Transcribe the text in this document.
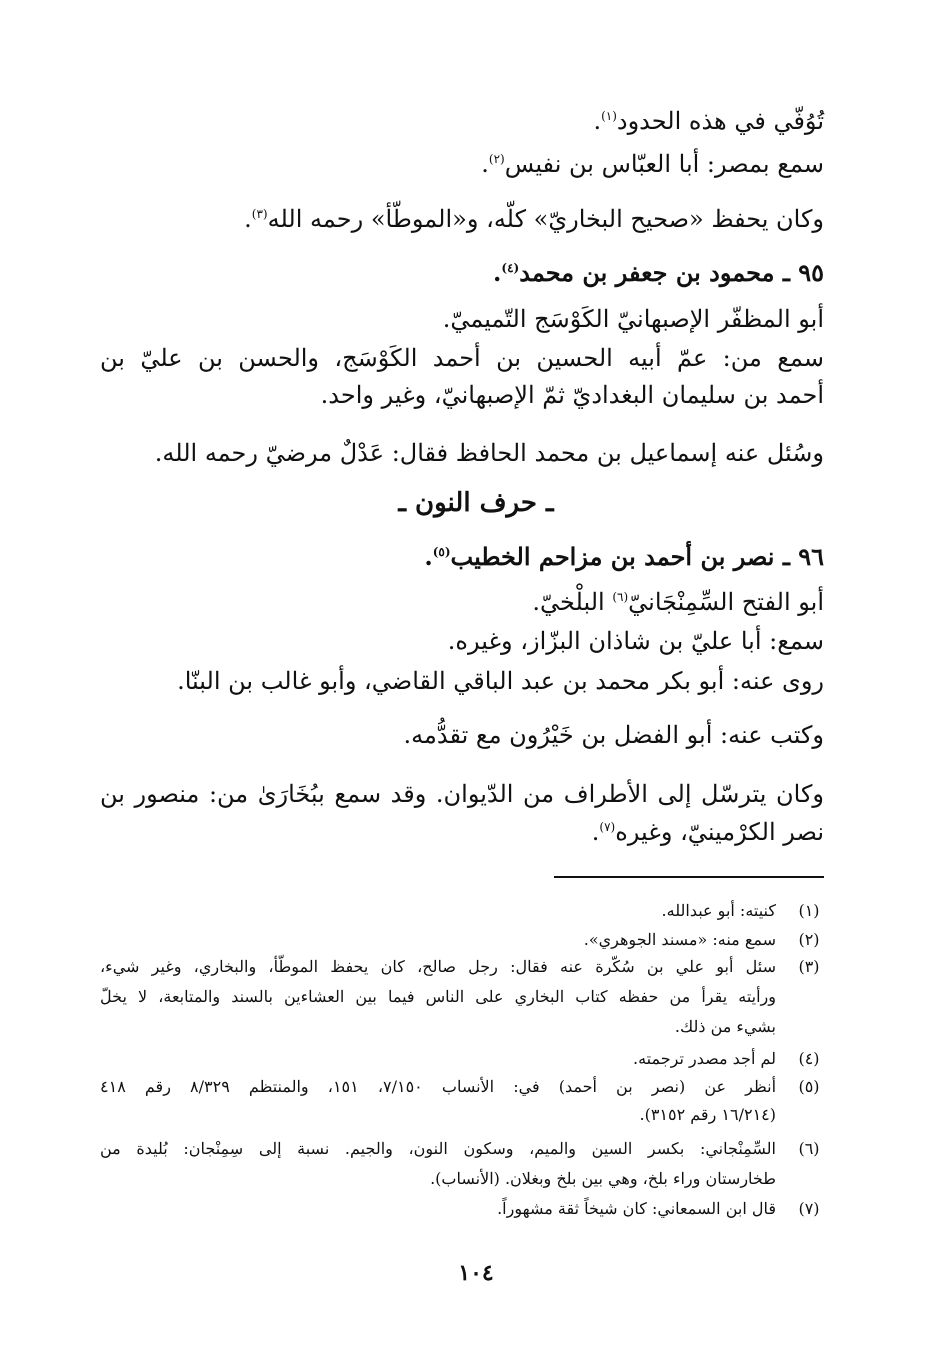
تُوُفّي في هذه الحدود$^{(١)}$.
سمع بمصر: أبا العبّاس بن نفيس$^{(٢)}$.
وكان يحفظ «صحيح البخاريّ» كلّه، و«الموطّأ» رحمه الله$^{(٣)}$.
٩٥ ـ محمود بن جعفر بن محمد$^{(٤)}$.
أبو المظفّر الإصبهانيّ الكَوْسَج التّميميّ.
سمع من: عمّ أبيه الحسين بن أحمد الكَوْسَج، والحسن بن عليّ بن
أحمد بن سليمان البغداديّ ثمّ الإصبهانيّ، وغير واحد.
وسُئل عنه إسماعيل بن محمد الحافظ فقال: عَدْلٌ مرضيّ رحمه الله.
ـ حرف النون ـ
٩٦ ـ نصر بن أحمد بن مزاحم الخطيب$^{(٥)}$.
أبو الفتح السِّمِنْجَانيّ$^{(٦)}$ البلْخيّ.
سمع: أبا عليّ بن شاذان البزّاز، وغيره.
روى عنه: أبو بكر محمد بن عبد الباقي القاضي، وأبو غالب بن البنّا.
وكتب عنه: أبو الفضل بن خَيْرُون مع تقدُّمه.
وكان يترسّل إلى الأطراف من الدّيوان. وقد سمع ببُخَارَىٰ من: منصور بن
نصر الكرْمينيّ، وغيره$^{(٧)}$.
(١)
كنيته: أبو عبدالله.
(٢)
سمع منه: «مسند الجوهري».
(٣)
سئل أبو علي بن سُكّرة عنه فقال: رجل صالح، كان يحفظ الموطّأ، والبخاري، وغير شيء،
ورأيته يقرأ من حفظه كتاب البخاري على الناس فيما بين العشاءين بالسند والمتابعة، لا يخلّ
بشيء من ذلك.
(٤)
لم أجد مصدر ترجمته.
(٥)
أنظر عن (نصر بن أحمد) في: الأنساب ٧/١٥٠، ١٥١، والمنتظم ٨/٣٢٩ رقم ٤١٨
(١٦/٢١٤ رقم ٣١٥٢).
(٦)
السِّمِنْجاني: بكسر السين والميم، وسكون النون، والجيم. نسبة إلى سِمِنْجان: بُليدة من
طخارستان وراء بلخ، وهي بين بلخ وبغلان. (الأنساب).
(٧)
قال ابن السمعاني: كان شيخاً ثقة مشهوراً.
١٠٤
